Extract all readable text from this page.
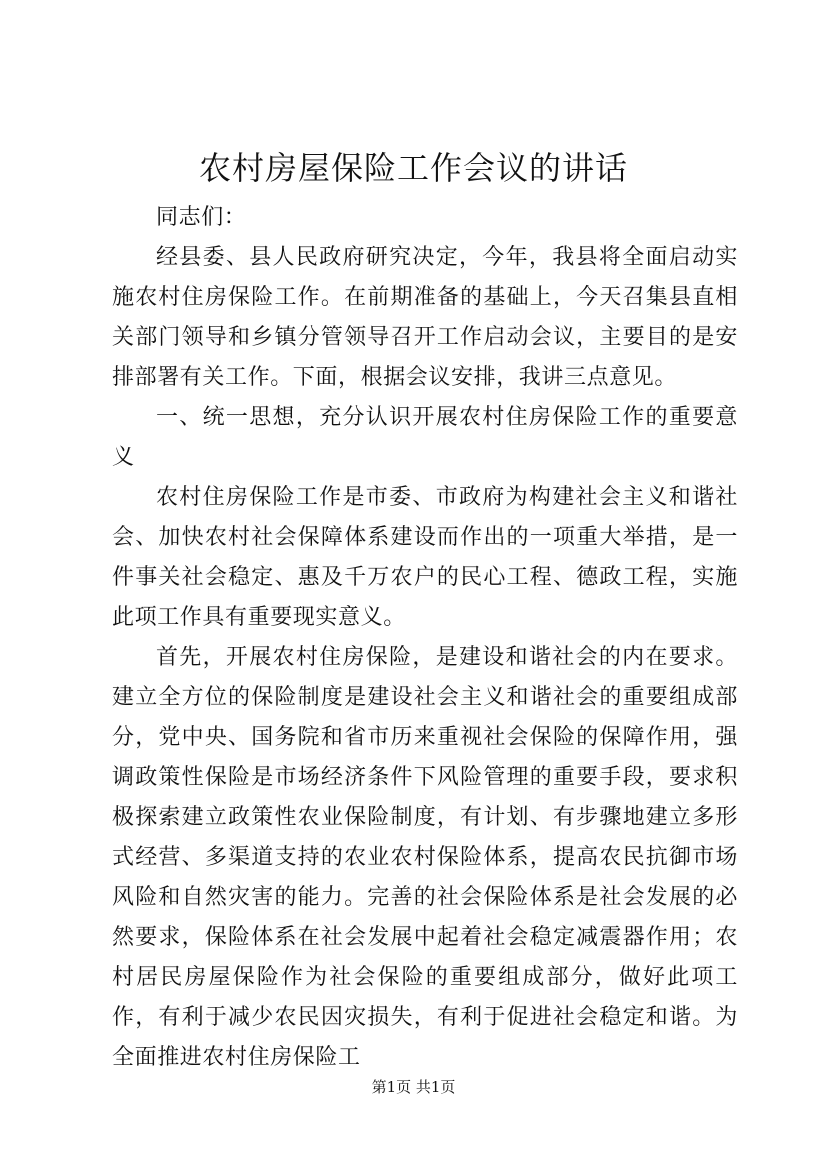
农村房屋保险工作会议的讲话

同志们：

经县委、县人民政府研究决定，今年，我县将全面启动实施农村住房保险工作。在前期准备的基础上，今天召集县直相关部门领导和乡镇分管领导召开工作启动会议，主要目的是安排部署有关工作。下面，根据会议安排，我讲三点意见。

一、统一思想，充分认识开展农村住房保险工作的重要意义

农村住房保险工作是市委、市政府为构建社会主义和谐社会、加快农村社会保障体系建设而作出的一项重大举措，是一件事关社会稳定、惠及千万农户的民心工程、德政工程，实施此项工作具有重要现实意义。

首先，开展农村住房保险，是建设和谐社会的内在要求。建立全方位的保险制度是建设社会主义和谐社会的重要组成部分，党中央、国务院和省市历来重视社会保险的保障作用，强调政策性保险是市场经济条件下风险管理的重要手段，要求积极探索建立政策性农业保险制度，有计划、有步骤地建立多形式经营、多渠道支持的农业农村保险体系，提高农民抗御市场风险和自然灾害的能力。完善的社会保险体系是社会发展的必然要求，保险体系在社会发展中起着社会稳定减震器作用；农村居民房屋保险作为社会保险的重要组成部分，做好此项工作，有利于减少农民因灾损失，有利于促进社会稳定和谐。为全面推进农村住房保险工

第1页 共1页
